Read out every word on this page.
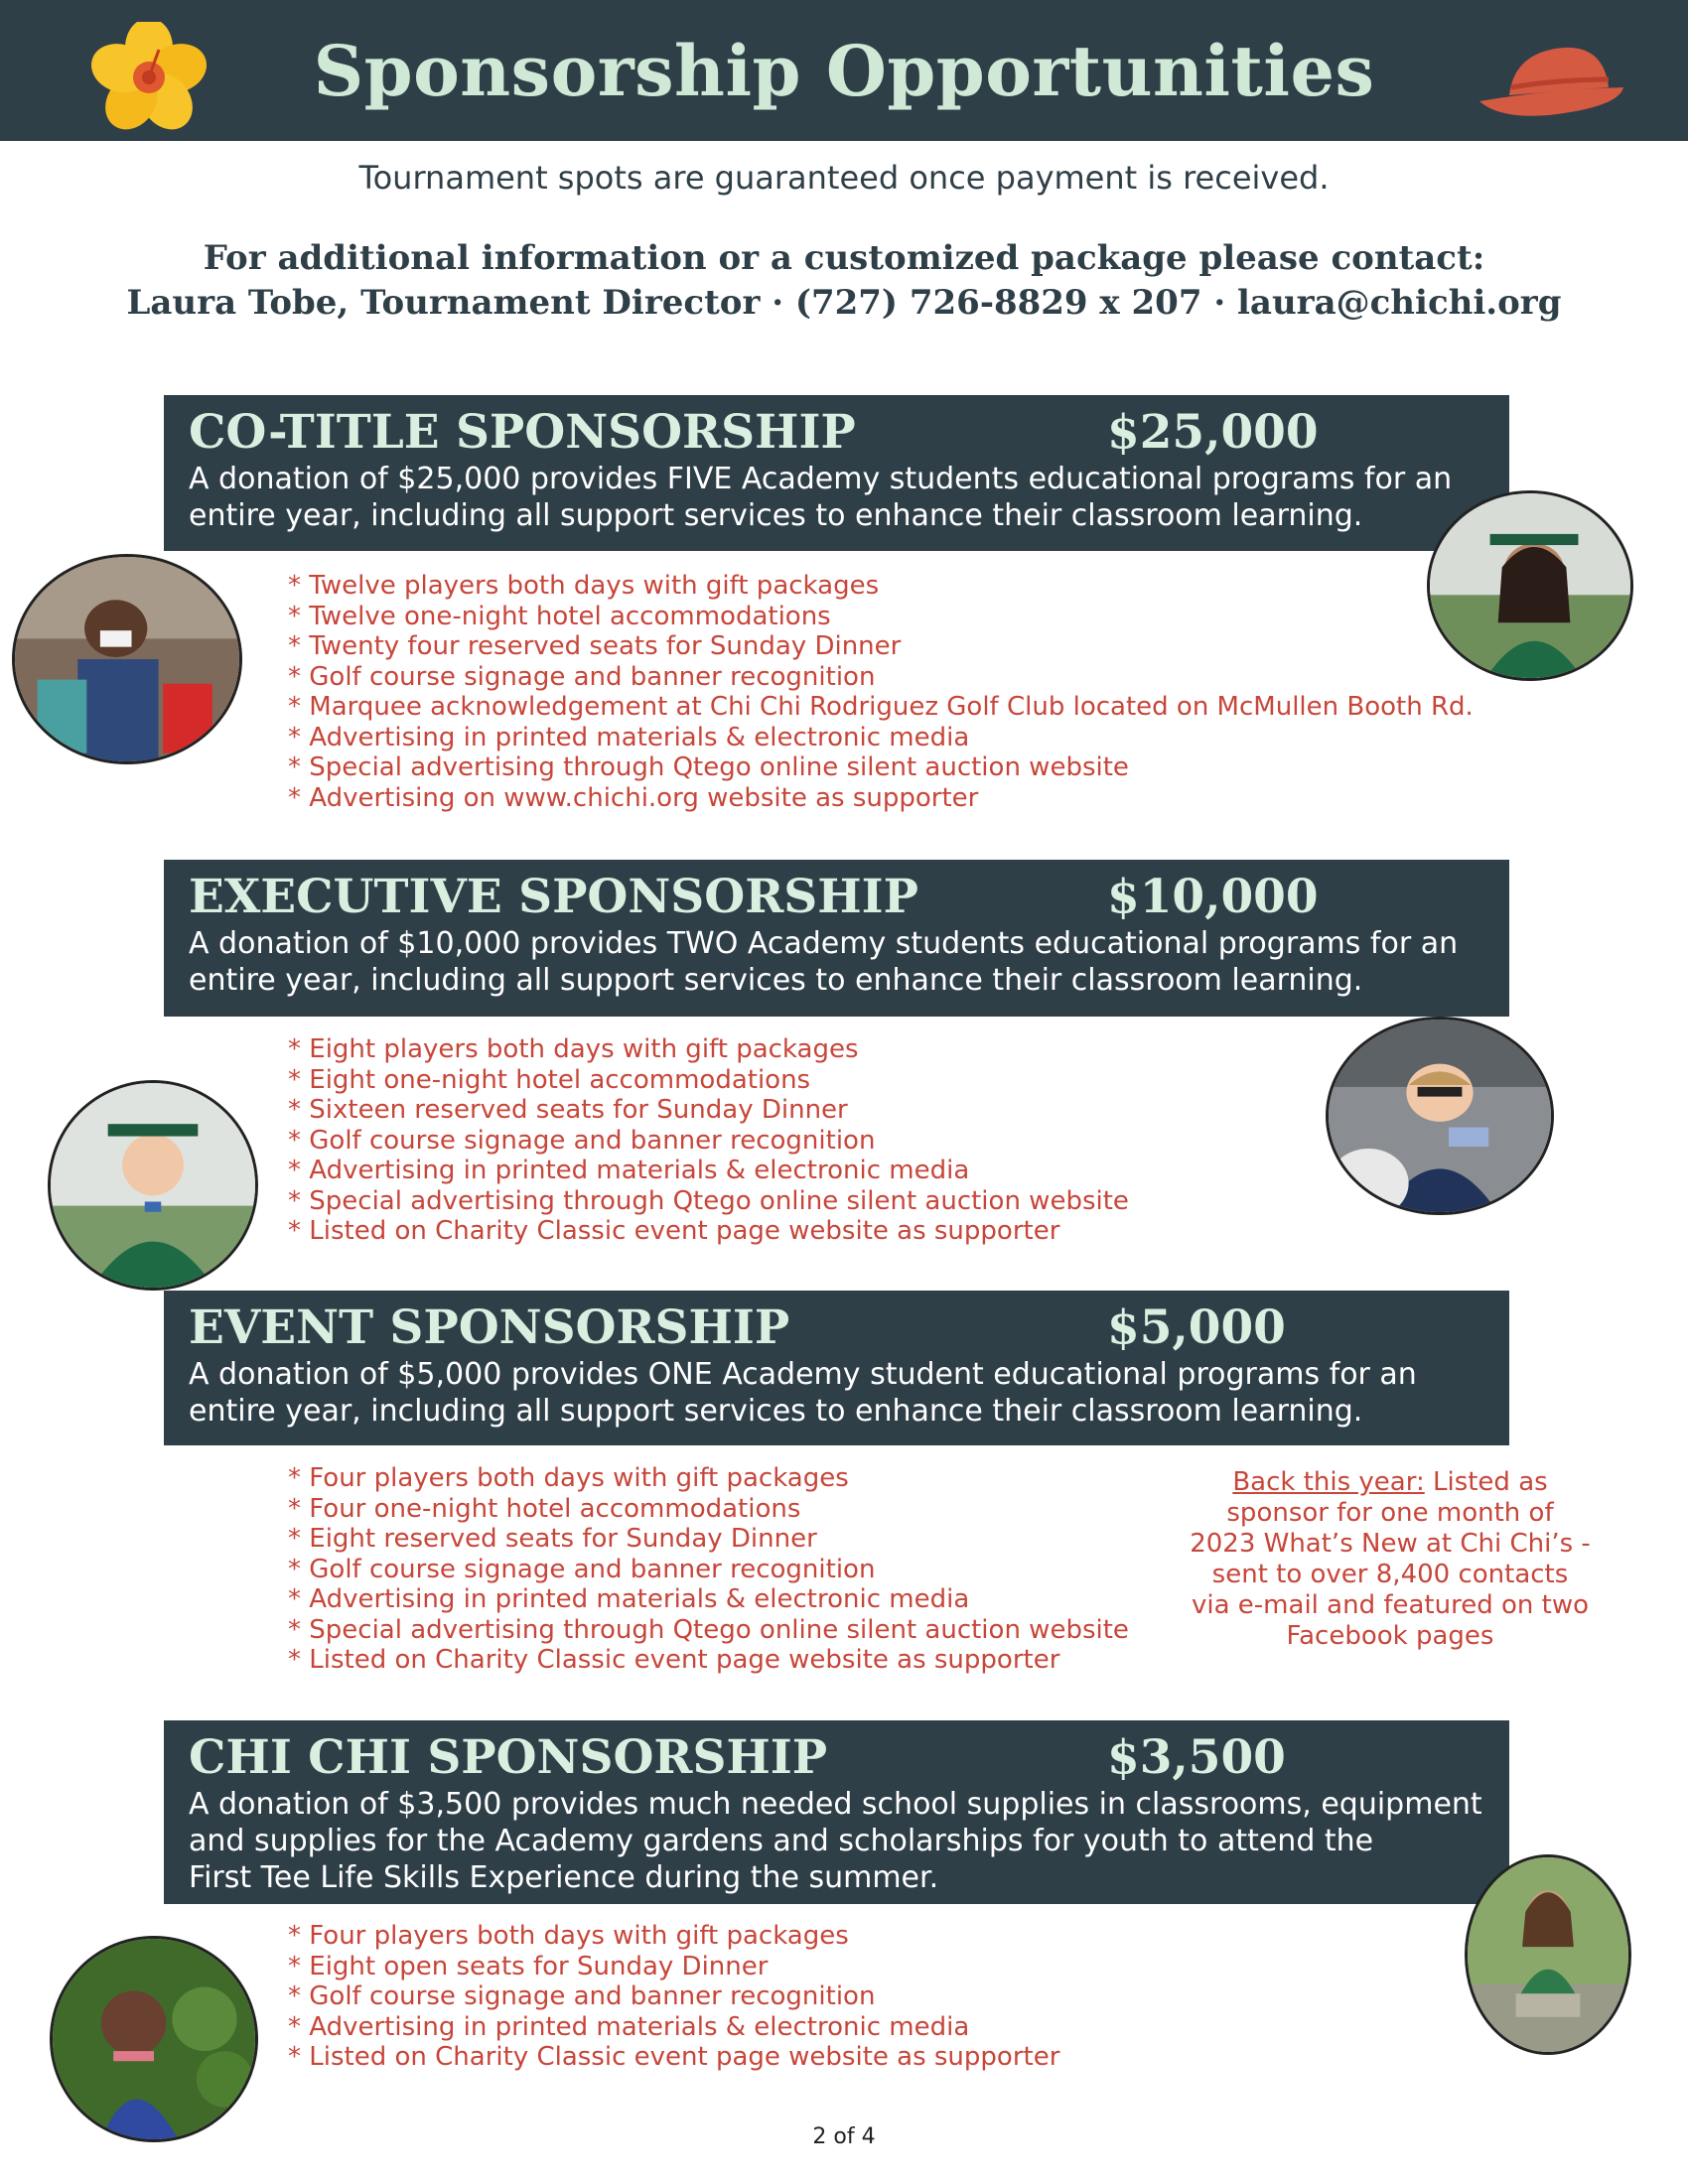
Sponsorship Opportunities
Tournament spots are guaranteed once payment is received.
For additional information or a customized package please contact:
Laura Tobe, Tournament Director · (727) 726-8829 x 207 · laura@chichi.org
CO-TITLE SPONSORSHIP	$25,000
A donation of $25,000 provides FIVE Academy students educational programs for an
entire year, including all support services to enhance their classroom learning.
* Twelve players both days with gift packages
* Twelve one-night hotel accommodations
* Twenty four reserved seats for Sunday Dinner
* Golf course signage and banner recognition
* Marquee acknowledgement at Chi Chi Rodriguez Golf Club located on McMullen Booth Rd.
* Advertising in printed materials & electronic media
* Special advertising through Qtego online silent auction website
* Advertising on www.chichi.org website as supporter
EXECUTIVE SPONSORSHIP	$10,000
A donation of $10,000 provides TWO Academy students educational programs for an
entire year, including all support services to enhance their classroom learning.
* Eight players both days with gift packages
* Eight one-night hotel accommodations
* Sixteen reserved seats for Sunday Dinner
* Golf course signage and banner recognition
* Advertising in printed materials & electronic media
* Special advertising through Qtego online silent auction website
* Listed on Charity Classic event page website as supporter
EVENT SPONSORSHIP	$5,000
A donation of $5,000 provides ONE Academy student educational programs for an
entire year, including all support services to enhance their classroom learning.
* Four players both days with gift packages
* Four one-night hotel accommodations
* Eight reserved seats for Sunday Dinner
* Golf course signage and banner recognition
* Advertising in printed materials & electronic media
* Special advertising through Qtego online silent auction website
* Listed on Charity Classic event page website as supporter
Back this year: Listed as
sponsor for one month of
2023 What’s New at Chi Chi’s -
sent to over 8,400 contacts
via e-mail and featured on two
Facebook pages
CHI CHI SPONSORSHIP	$3,500
A donation of $3,500 provides much needed school supplies in classrooms, equipment
and supplies for the Academy gardens and scholarships for youth to attend the
First Tee Life Skills Experience during the summer.
* Four players both days with gift packages
* Eight open seats for Sunday Dinner
* Golf course signage and banner recognition
* Advertising in printed materials & electronic media
* Listed on Charity Classic event page website as supporter
2 of 4
